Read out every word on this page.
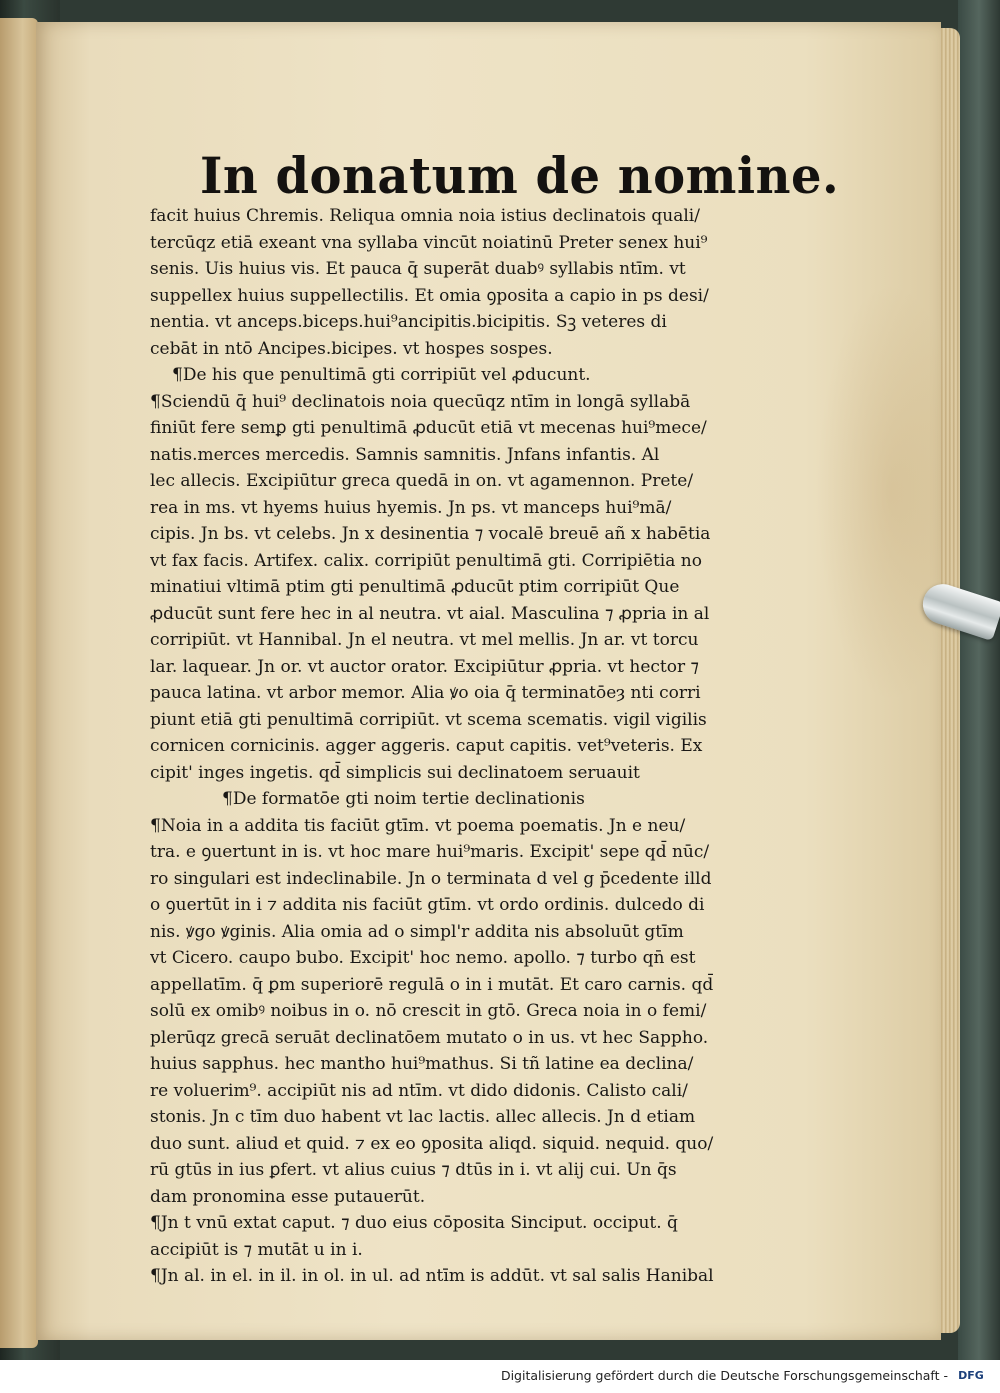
In donatum de nomine.
facit huius Chremis. Reliqua omnia noia istius declinatois quali/
tercūqz etiā exeant vna syllaba vincūt noiatinū Preter senex hui⁹
senis. Uis huius vis. Et pauca q̄ superāt duabꝰ syllabis ntīm. vt
suppellex huius suppellectilis. Et omia ꝯposita a capio in ps desi/
nentia. vt anceps.biceps.hui⁹ancipitis.bicipitis. Sꝫ veteres di
cebāt in ntō Ancipes.bicipes. vt hospes sospes.
¶De his que penultimā gti corripiūt vel ꝓducunt.
¶Sciendū q̄ hui⁹ declinatois noia quecūqz ntīm in longā syllabā
finiūt fere semꝑ gti penultimā ꝓducūt etiā vt mecenas hui⁹mece/
natis.merces mercedis. Samnis samnitis. Jnfans infantis. Al
lec allecis. Excipiūtur greca quedā in on. vt agamennon. Prete/
rea in ms. vt hyems huius hyemis. Jn ps. vt manceps hui⁹mā/
cipis. Jn bs. vt celebs. Jn x desinentia ⁊ vocalē breuē añ x habētia
vt fax facis. Artifex. calix. corripiūt penultimā gti. Corripiētia no
minatiui vltimā ptim gti penultimā ꝓducūt ptim corripiūt Que
ꝓducūt sunt fere hec in al neutra. vt aial. Masculina ⁊ ꝓpria in al
corripiūt. vt Hannibal. Jn el neutra. vt mel mellis. Jn ar. vt torcu
lar. laquear. Jn or. vt auctor orator. Excipiūtur ꝓpria. vt hector ⁊
pauca latina. vt arbor memor. Alia ꝟo oia q̄ terminatōeȝ nti corri
piunt etiā gti penultimā corripiūt. vt scema scematis. vigil vigilis
cornicen cornicinis. agger aggeris. caput capitis. vet⁹veteris. Ex
cipit' inges ingetis. qd̄ simplicis sui declinatoem seruauit
¶De formatōe gti noim tertie declinationis
¶Noia in a addita tis faciūt gtīm. vt poema poematis. Jn e neu/
tra. e ꝯuertunt in is. vt hoc mare hui⁹maris. Excipit' sepe qd̄ nūc/
ro singulari est indeclinabile. Jn o terminata d vel g p̄cedente illd
o ꝯuertūt in i ⁊ addita nis faciūt gtīm. vt ordo ordinis. dulcedo di
nis. ꝟgo ꝟginis. Alia omia ad o simpl'r addita nis absoluūt gtīm
vt Cicero. caupo bubo. Excipit' hoc nemo. apollo. ⁊ turbo qn̄ est
appellatīm. q̄ ꝑm superiorē regulā o in i mutāt. Et caro carnis. qd̄
solū ex omibꝰ noibus in o. nō crescit in gtō. Greca noia in o femi/
plerūqz grecā seruāt declinatōem mutato o in us. vt hec Sappho.
huius sapphus. hec mantho hui⁹mathus. Si tñ latine ea declina/
re voluerim⁹. accipiūt nis ad ntīm. vt dido didonis. Calisto cali/
stonis. Jn c tīm duo habent vt lac lactis. allec allecis. Jn d etiam
duo sunt. aliud et quid. ⁊ ex eo ꝯposita aliqd. siquid. nequid. quo/
rū gtūs in ius ꝑfert. vt alius cuius ⁊ dtūs in i. vt alij cui. Un q̄s
dam pronomina esse putauerūt.
¶Jn t vnū extat caput. ⁊ duo eius cōposita Sinciput. occiput. q̄
accipiūt is ⁊ mutāt u in i.
¶Jn al. in el. in il. in ol. in ul. ad ntīm is addūt. vt sal salis Hanibal
Digitalisierung gefördert durch die Deutsche Forschungsgemeinschaft - DFG
